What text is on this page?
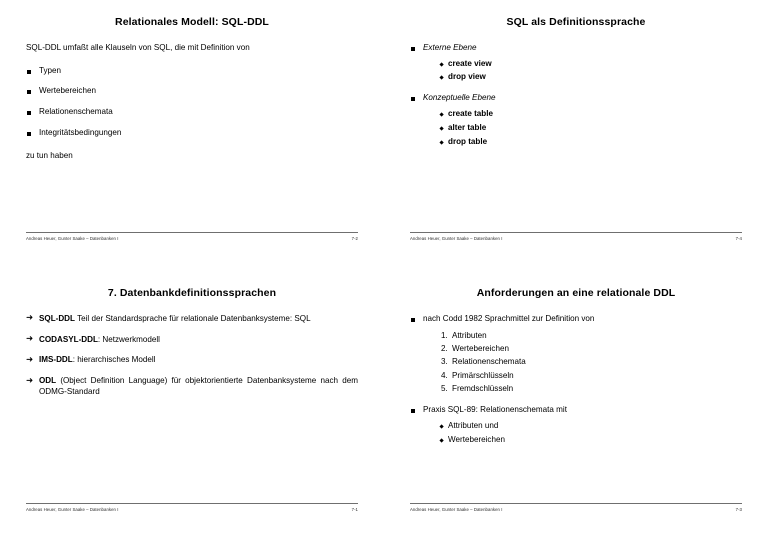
Relationales Modell: SQL-DDL

SQL-DDL umfaßt alle Klauseln von SQL, die mit Definition von

Typen
Wertebereichen
Relationenschemata
Integritätsbedingungen

zu tun haben

Andreas Heuer, Gunter Saake – Datenbanken I	7-2
SQL als Definitionssprache
Externe Ebene
create view
drop view
Konzeptuelle Ebene
create table
alter table
drop table
Andreas Heuer, Gunter Saake – Datenbanken I	7-4
7. Datenbankdefinitionssprachen
➜ SQL-DDL Teil der Standardsprache für relationale Datenbanksysteme: SQL
➜ CODASYL-DDL: Netzwerkmodell
➜ IMS-DDL: hierarchisches Modell
➜ ODL (Object Definition Language) für objektorientierte Datenbanksysteme nach dem ODMG-Standard
Andreas Heuer, Gunter Saake – Datenbanken I	7-1
Anforderungen an eine relationale DDL
nach Codd 1982 Sprachmittel zur Definition von
1. Attributen
2. Wertebereichen
3. Relationenschemata
4. Primärschlüsseln
5. Fremdschlüsseln
Praxis SQL-89: Relationenschemata mit
Attributen und
Wertebereichen
Andreas Heuer, Gunter Saake – Datenbanken I	7-3
